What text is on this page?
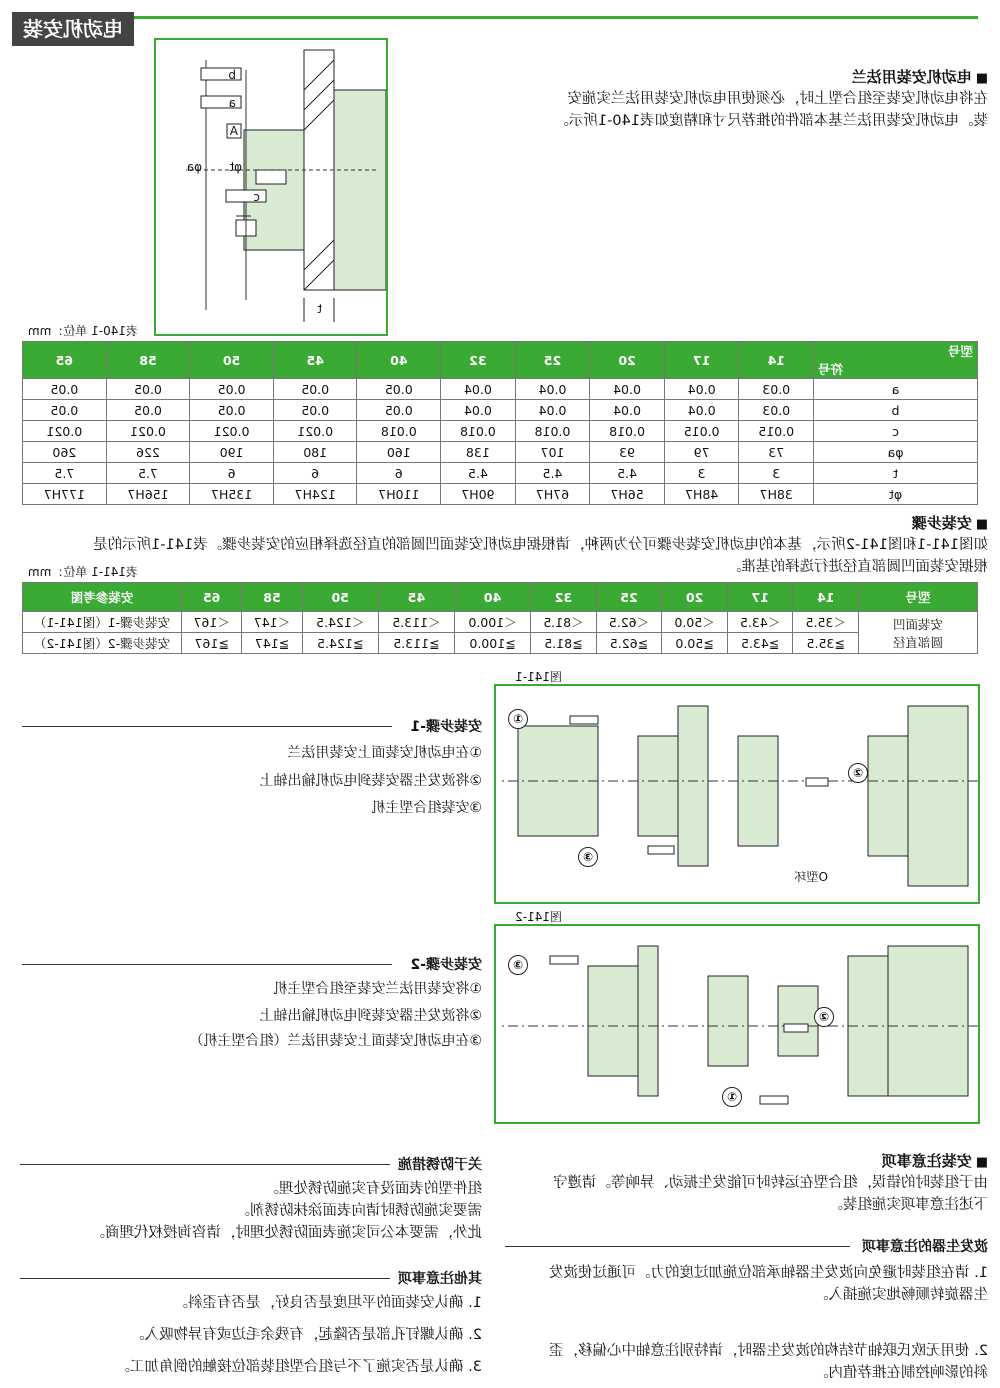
电动机安装
■ 电动机安装用法兰
在将电动机安装至组合型上时，必须使用电动机安装用法兰实施安
装。电动机安装用法兰基本部件的推荐尺寸和精度如表140-1所示。
b
a
A
c
φa φt
t
表140-1 单位：mm
型号
符号	14	17	20	25	32	40	45	50	58	65
a	0.03	0.04	0.04	0.04	0.04	0.05	0.05	0.05	0.05	0.05
b	0.03	0.04	0.04	0.04	0.04	0.05	0.05	0.05	0.05	0.05
c	0.015	0.015	0.018	0.018	0.018	0.018	0.021	0.021	0.021	0.021
φa	73	79	93	107	138	160	180	190	226	260
t	3	3	4.5	4.5	4.5	6	6	6	7.5	7.5
φt	38H7	48H7	56H7	67H7	90H7	110H7	124H7	135H7	156H7	177H7
■ 安装步骤
如图141-1和图141-2所示，基本的电动机安装步骤可分为两种，请根据电动机安装面凹圆部的直径选择相应的安装步骤。表141-1所示的是
根据安装面凹圆部直径进行选择的基准。
表141-1 单位：mm
型号	14	17	20	25	32	40	45	50	58	65	安装参考图

安装面凹
圆部直径	＜35.5	＜43.5	＜50.0	＜62.5	＜81.5	＜100.0	＜113.5	＜124.5	＜147	＜167	安装步骤-1（图141-1）
	≧35.5	≧43.5	≧50.0	≧62.5	≧81.5	≧100.0	≧113.5	≧124.5	≧147	≧167	安装步骤-2（图141-2）
图141-1
②
①
③
O型环
安装步骤-1
①在电动机安装面上安装用法兰
②将波发生器安装到电动机输出轴上
③安装组合型主机
图141-2
②
①
③
安装步骤-2
①将安装用法兰安装至组合型主机
②将波发生器安装到电动机输出轴上
③在电动机安装面上安装用法兰（组合型主机）
■ 安装注意事项
由于组装时的错误，组合型在运转时可能发生振动、异响等。请遵守
下述注意事项实施组装。
波发生器的注意事项
1. 请在组装时避免向波发生器轴承部位施加过度的力。可通过使波发
生器旋转顺畅地实施插入。
2. 使用无欧氏联轴节结构的波发生器时，请特别注意轴中心偏移，歪
斜的影响控制在推荐值内。
关于防锈措施
组件型的表面没有实施防锈处理。
需要实施防锈时请向表面涂抹防锈剂。
此外，需要本公司实施表面防锈处理时，请咨询授权代理商。
其他注意事项
1. 确认安装面的平坦度是否良好，是否有歪斜。
2. 确认螺钉孔部是否隆起，有残余毛边或有异物吸入。
3. 确认是否实施了不与组合型组装部位接触的倒角加工。
